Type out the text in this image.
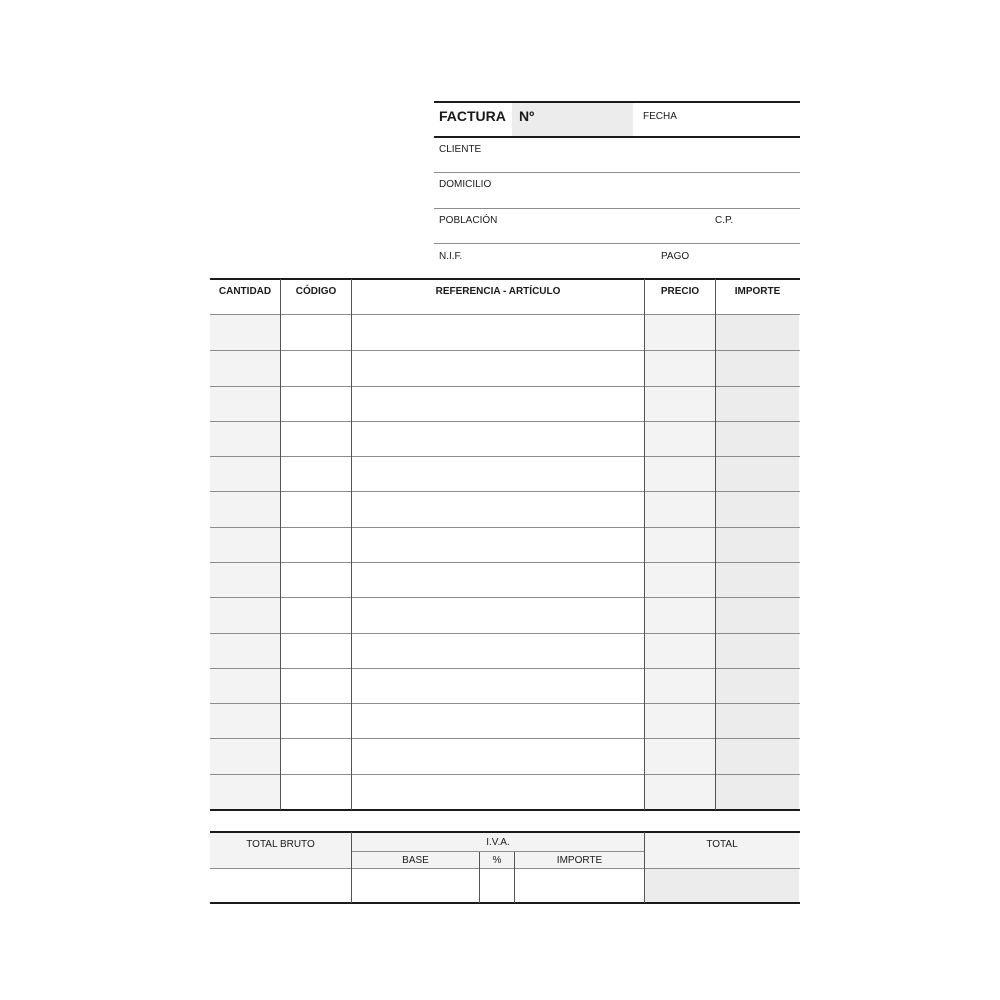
FACTURA Nº	FECHA
CLIENTE
DOMICILIO
POBLACIÓN	C.P.
N.I.F.	PAGO
CANTIDAD	CÓDIGO	REFERENCIA - ARTÍCULO	PRECIO	IMPORTE
TOTAL BRUTO	I.V.A.
BASE	%	IMPORTE
TOTAL
